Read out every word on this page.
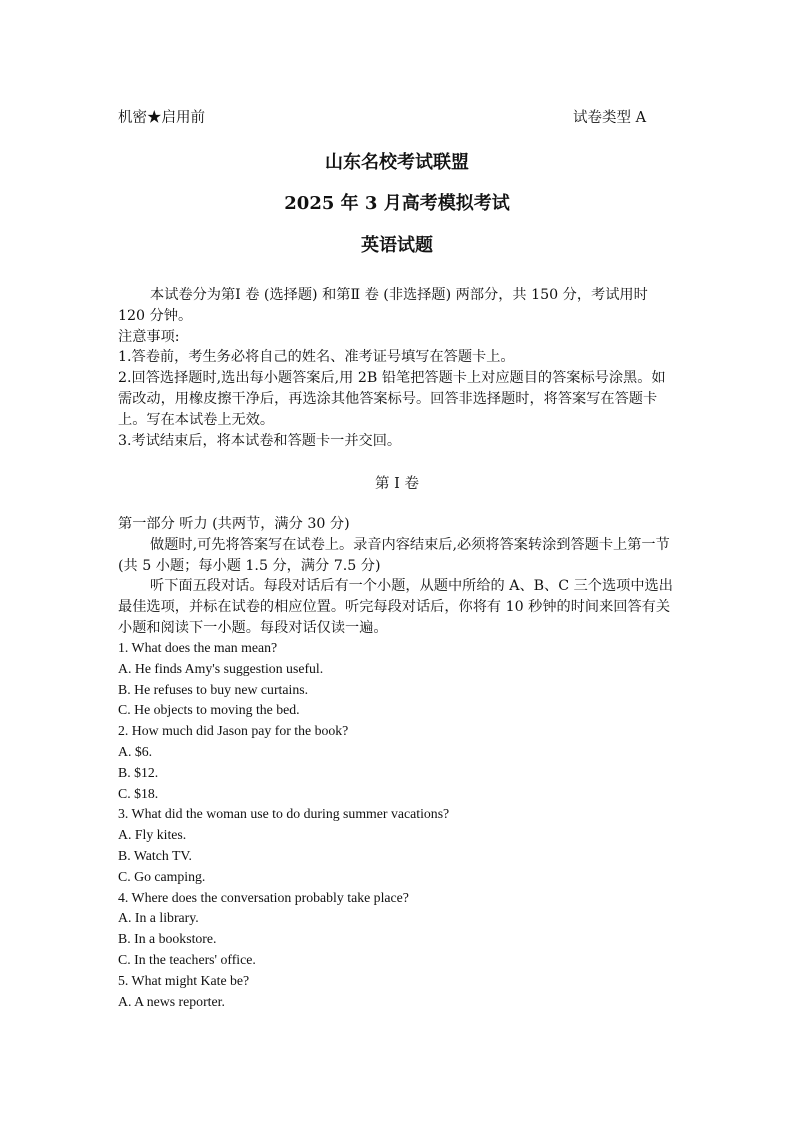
机密★启用前	试卷类型 A
山东名校考试联盟
2025 年 3 月高考模拟考试
英语试题
本试卷分为第Ⅰ 卷 (选择题) 和第Ⅱ 卷 (非选择题) 两部分，共 150 分，考试用时 120 分钟。
注意事项:
1.答卷前，考生务必将自己的姓名、准考证号填写在答题卡上。
2.回答选择题时,选出每小题答案后,用 2B 铅笔把答题卡上对应题目的答案标号涂黑。如需改动，用橡皮擦干净后，再选涂其他答案标号。回答非选择题时，将答案写在答题卡上。写在本试卷上无效。
3.考试结束后，将本试卷和答题卡一并交回。
第 I 卷
第一部分 听力 (共两节，满分 30 分)
做题时,可先将答案写在试卷上。录音内容结束后,必须将答案转涂到答题卡上第一节 (共 5 小题；每小题 1.5 分，满分 7.5 分)
听下面五段对话。每段对话后有一个小题，从题中所给的 A、B、C 三个选项中选出最佳选项，并标在试卷的相应位置。听完每段对话后，你将有 10 秒钟的时间来回答有关小题和阅读下一小题。每段对话仅读一遍。
1. What does the man mean?
A. He finds Amy's suggestion useful.
B. He refuses to buy new curtains.
C. He objects to moving the bed.
2. How much did Jason pay for the book?
A. $6.
B. $12.
C. $18.
3. What did the woman use to do during summer vacations?
A. Fly kites.
B. Watch TV.
C. Go camping.
4. Where does the conversation probably take place?
A. In a library.
B. In a bookstore.
C. In the teachers' office.
5. What might Kate be?
A. A news reporter.
